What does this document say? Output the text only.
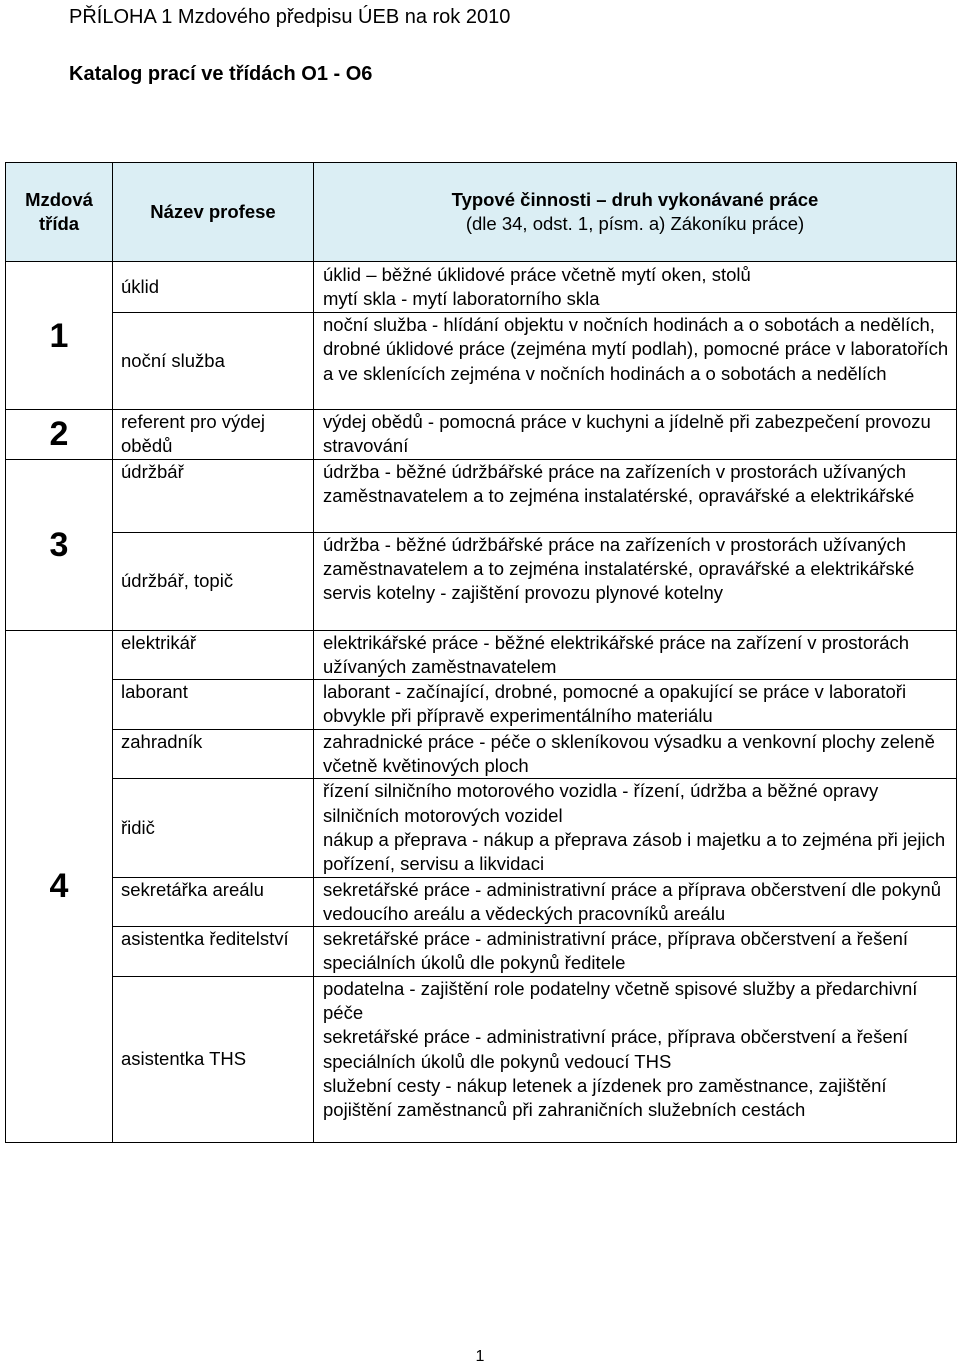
PŘÍLOHA 1 Mzdového předpisu ÚEB na rok 2010
Katalog prací ve třídách O1 - O6
Mzdová
třída	Název profese	Typové činnosti – druh vykonávané práce
(dle 34, odst. 1, písm. a) Zákoníku práce)

1	úklid	úklid – běžné úklidové práce včetně mytí oken, stolů
mytí skla - mytí laboratorního skla

	noční služba	noční služba - hlídání objektu v nočních hodinách a o sobotách a nedělích, drobné úklidové práce (zejména mytí podlah), pomocné práce v laboratořích a ve sklenících zejména v nočních hodinách a o sobotách a nedělích

2	referent pro výdej obědů	výdej obědů - pomocná práce v kuchyni a jídelně při zabezpečení provozu stravování

3	údržbář	údržba - běžné údržbářské práce na zařízeních v prostorách užívaných zaměstnavatelem a to zejména instalatérské, opravářské a elektrikářské

	údržbář, topič	údržba - běžné údržbářské práce na zařízeních v prostorách užívaných zaměstnavatelem a to zejména instalatérské, opravářské a elektrikářské
servis kotelny - zajištění provozu plynové kotelny

4	elektrikář	elektrikářské práce - běžné elektrikářské práce na zařízení v prostorách užívaných zaměstnavatelem

	laborant	laborant - začínající, drobné, pomocné a opakující se práce v laboratoři obvykle při přípravě experimentálního materiálu

	zahradník	zahradnické práce - péče o skleníkovou výsadku a venkovní plochy zeleně včetně květinových ploch

	řidič	řízení silničního motorového vozidla - řízení, údržba a běžné opravy silničních motorových vozidel
nákup a přeprava - nákup a přeprava zásob i majetku a to zejména při jejich pořízení, servisu a likvidaci

	sekretářka areálu	sekretářské práce - administrativní práce a příprava občerstvení dle pokynů vedoucího areálu a vědeckých pracovníků areálu

	asistentka ředitelství	sekretářské práce - administrativní práce, příprava občerstvení a řešení speciálních úkolů dle pokynů ředitele

	asistentka THS	podatelna - zajištění role podatelny včetně spisové služby a předarchivní péče
sekretářské práce - administrativní práce, příprava občerstvení a řešení speciálních úkolů dle pokynů vedoucí THS
služební cesty - nákup letenek a jízdenek pro zaměstnance, zajištění pojištění zaměstnanců při zahraničních služebních cestách
1
